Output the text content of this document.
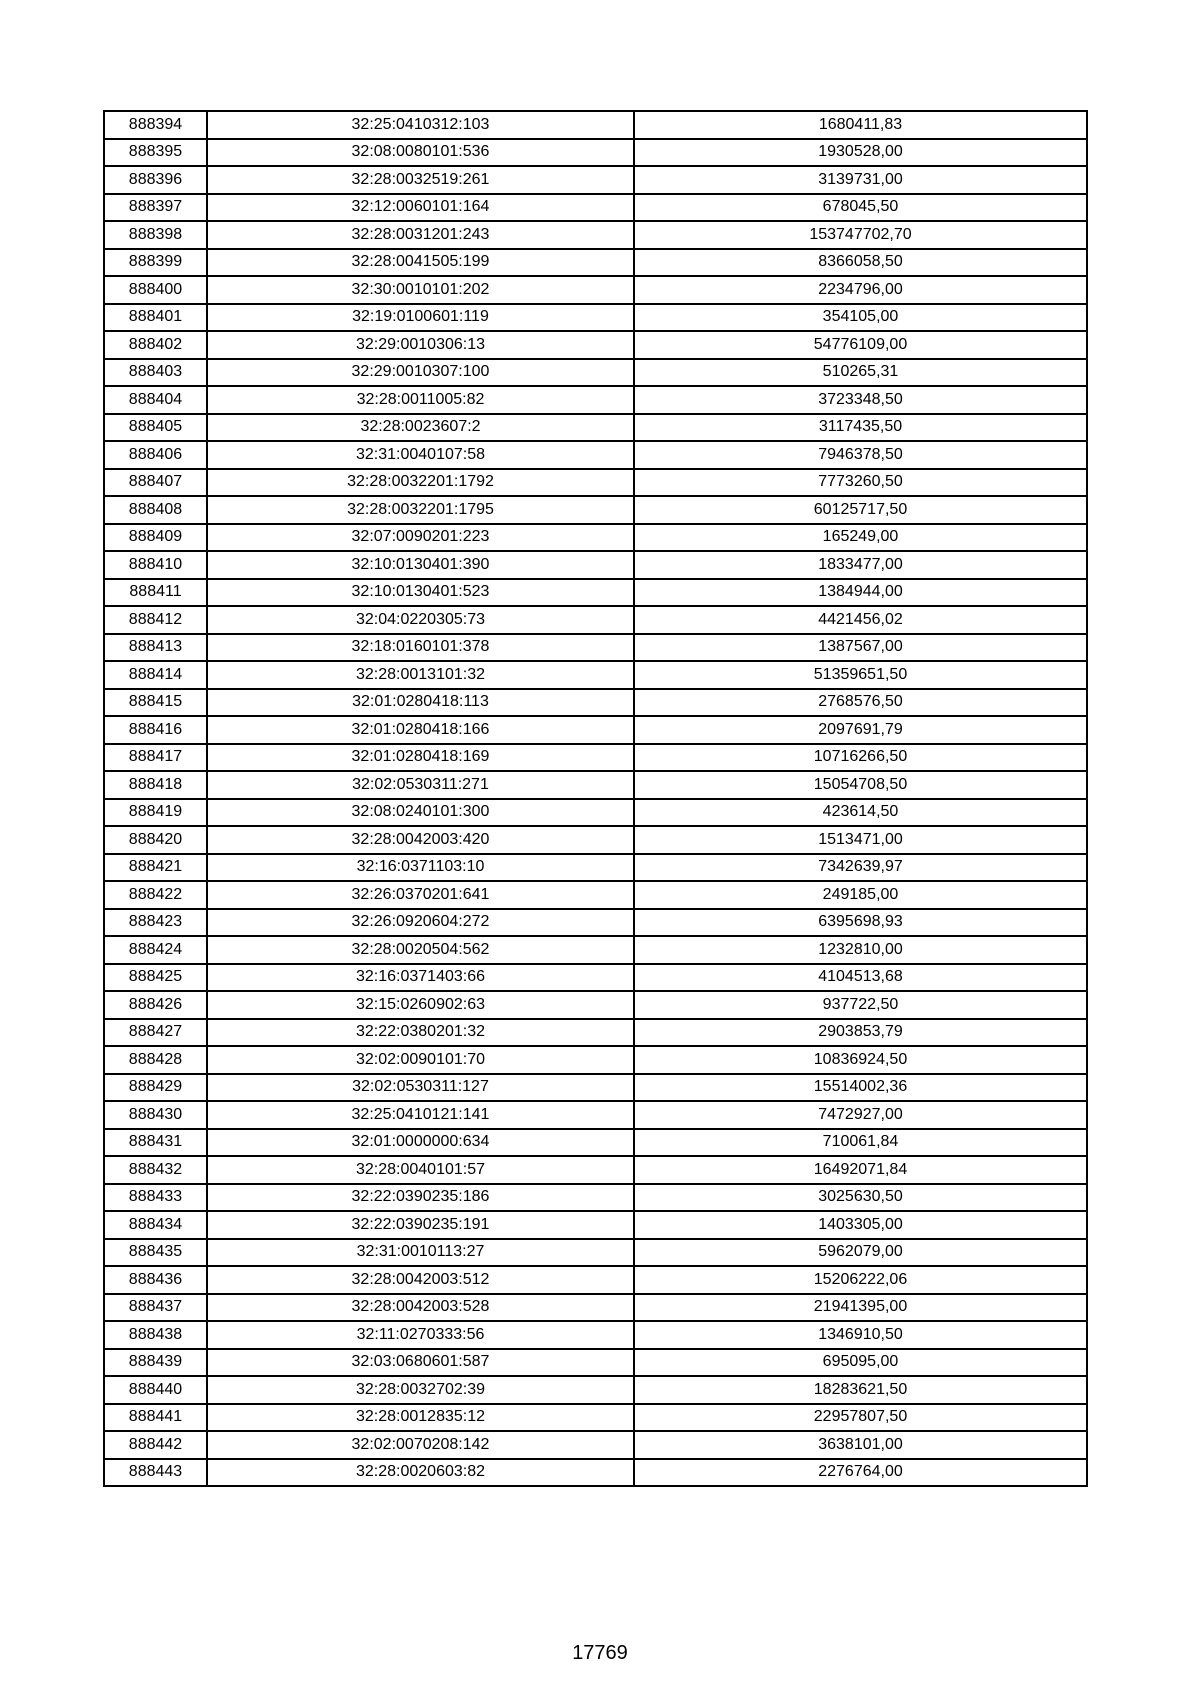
888394	32:25:0410312:103	1680411,83
888395	32:08:0080101:536	1930528,00
888396	32:28:0032519:261	3139731,00
888397	32:12:0060101:164	678045,50
888398	32:28:0031201:243	153747702,70
888399	32:28:0041505:199	8366058,50
888400	32:30:0010101:202	2234796,00
888401	32:19:0100601:119	354105,00
888402	32:29:0010306:13	54776109,00
888403	32:29:0010307:100	510265,31
888404	32:28:0011005:82	3723348,50
888405	32:28:0023607:2	3117435,50
888406	32:31:0040107:58	7946378,50
888407	32:28:0032201:1792	7773260,50
888408	32:28:0032201:1795	60125717,50
888409	32:07:0090201:223	165249,00
888410	32:10:0130401:390	1833477,00
888411	32:10:0130401:523	1384944,00
888412	32:04:0220305:73	4421456,02
888413	32:18:0160101:378	1387567,00
888414	32:28:0013101:32	51359651,50
888415	32:01:0280418:113	2768576,50
888416	32:01:0280418:166	2097691,79
888417	32:01:0280418:169	10716266,50
888418	32:02:0530311:271	15054708,50
888419	32:08:0240101:300	423614,50
888420	32:28:0042003:420	1513471,00
888421	32:16:0371103:10	7342639,97
888422	32:26:0370201:641	249185,00
888423	32:26:0920604:272	6395698,93
888424	32:28:0020504:562	1232810,00
888425	32:16:0371403:66	4104513,68
888426	32:15:0260902:63	937722,50
888427	32:22:0380201:32	2903853,79
888428	32:02:0090101:70	10836924,50
888429	32:02:0530311:127	15514002,36
888430	32:25:0410121:141	7472927,00
888431	32:01:0000000:634	710061,84
888432	32:28:0040101:57	16492071,84
888433	32:22:0390235:186	3025630,50
888434	32:22:0390235:191	1403305,00
888435	32:31:0010113:27	5962079,00
888436	32:28:0042003:512	15206222,06
888437	32:28:0042003:528	21941395,00
888438	32:11:0270333:56	1346910,50
888439	32:03:0680601:587	695095,00
888440	32:28:0032702:39	18283621,50
888441	32:28:0012835:12	22957807,50
888442	32:02:0070208:142	3638101,00
888443	32:28:0020603:82	2276764,00
17769
